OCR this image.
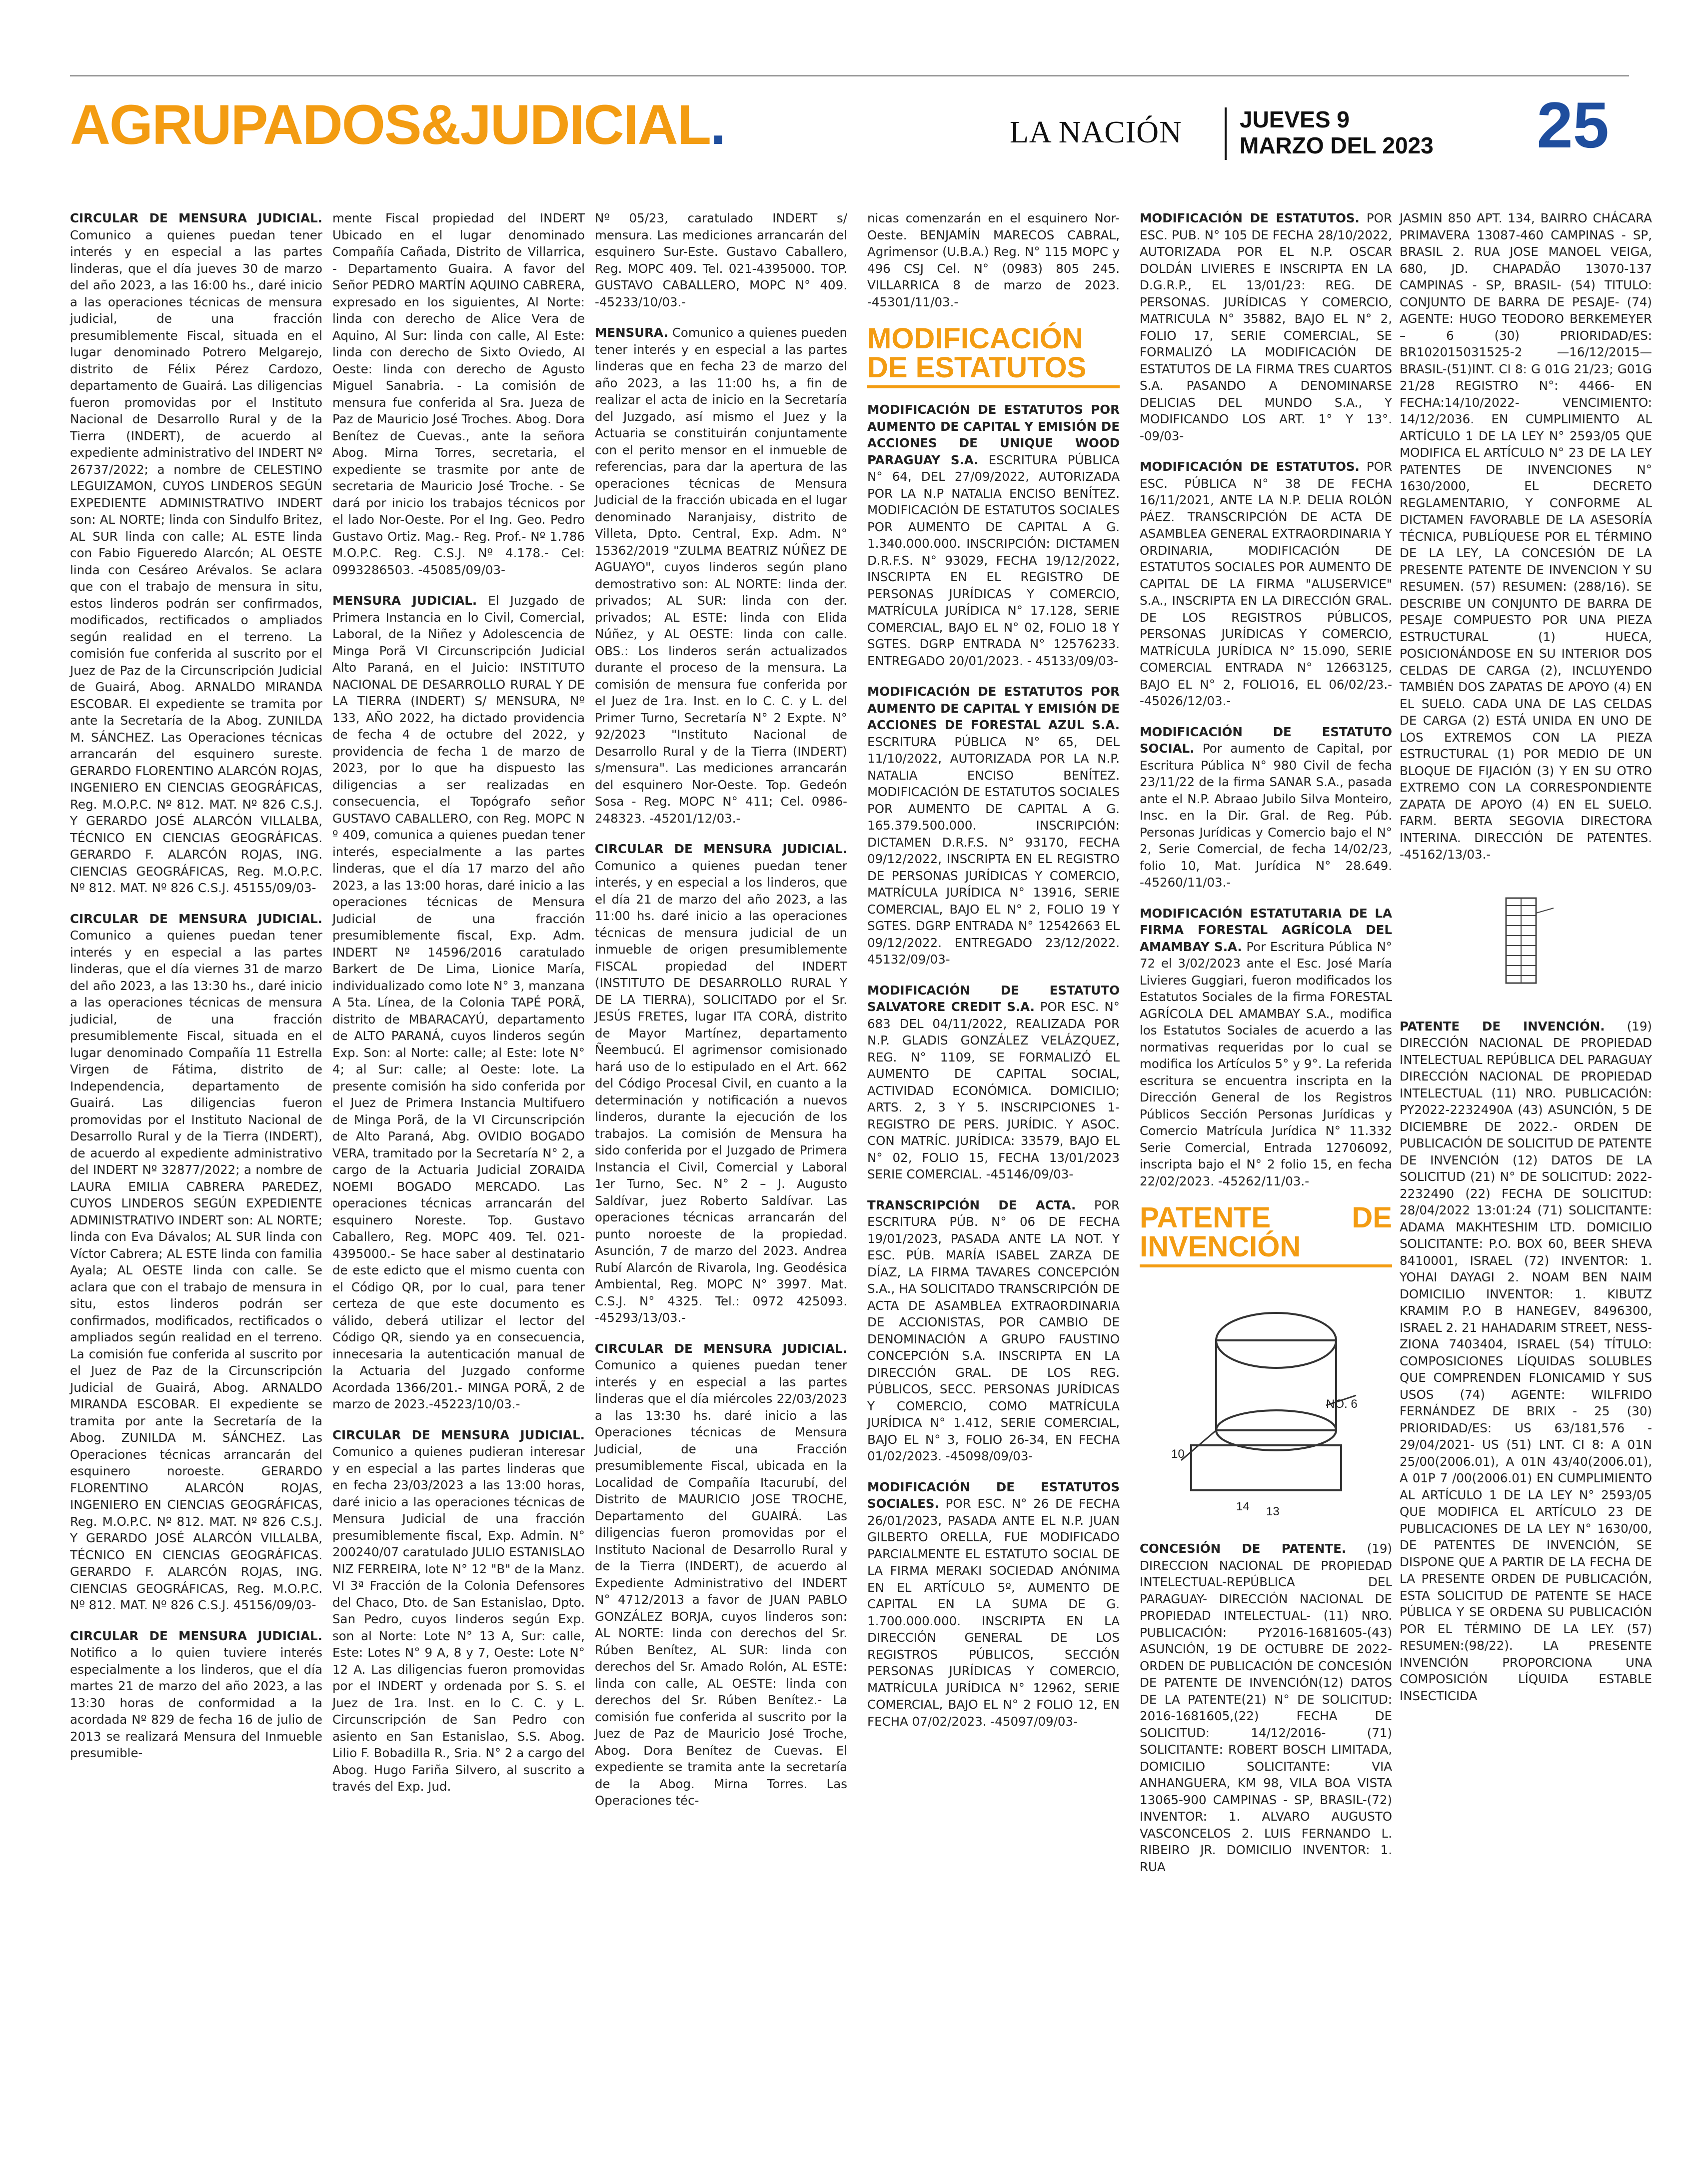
AGRUPADOS&JUDICIAL.	LA NACIÓN	JUEVES 9
MARZO DEL 2023 25

CIRCULAR DE MENSURA JUDICIAL. Comunico a quienes puedan tener interés y en especial a las partes linderas, que el día jueves 30 de marzo del año 2023, a las 16:00 hs., daré inicio a las operaciones técnicas de mensura judicial, de una fracción presumiblemente Fiscal, situada en el lugar denominado Potrero Melgarejo, distrito de Félix Pérez Cardozo, departamento de Guairá. Las diligencias fueron promovidas por el Instituto Nacional de Desarrollo Rural y de la Tierra (INDERT), de acuerdo al expediente administrativo del INDERT Nº 26737/2022; a nombre de CELESTINO LEGUIZAMON, CUYOS LINDEROS SEGÚN EXPEDIENTE ADMINISTRATIVO INDERT son: AL NORTE; linda con Sindulfo Britez, AL SUR linda con calle; AL ESTE linda con Fabio Figueredo Alarcón; AL OESTE linda con Cesáreo Arévalos. Se aclara que con el trabajo de mensura in situ, estos linderos podrán ser confirmados, modificados, rectificados o ampliados según realidad en el terreno. La comisión fue conferida al suscrito por el Juez de Paz de la Circunscripción Judicial de Guairá, Abog. ARNALDO MIRANDA ESCOBAR. El expediente se tramita por ante la Secretaría de la Abog. ZUNILDA M. SÁNCHEZ. Las Operaciones técnicas arrancarán del esquinero sureste. GERARDO FLORENTINO ALARCÓN ROJAS, INGENIERO EN CIENCIAS GEOGRÁFICAS, Reg. M.O.P.C. Nº 812. MAT. Nº 826 C.S.J. Y GERARDO JOSÉ ALARCÓN VILLALBA, TÉCNICO EN CIENCIAS GEOGRÁFICAS. GERARDO F. ALARCÓN ROJAS, ING. CIENCIAS GEOGRÁFICAS, Reg. M.O.P.C. Nº 812. MAT. Nº 826 C.S.J. 45155/09/03-

CIRCULAR DE MENSURA JUDICIAL. Comunico a quienes puedan tener interés y en especial a las partes linderas, que el día viernes 31 de marzo del año 2023, a las 13:30 hs., daré inicio a las operaciones técnicas de mensura judicial, de una fracción presumiblemente Fiscal, situada en el lugar denominado Compañía 11 Estrella Virgen de Fátima, distrito de Independencia, departamento de Guairá. Las diligencias fueron promovidas por el Instituto Nacional de Desarrollo Rural y de la Tierra (INDERT), de acuerdo al expediente administrativo del INDERT Nº 32877/2022; a nombre de LAURA EMILIA CABRERA PAREDEZ, CUYOS LINDEROS SEGÚN EXPEDIENTE ADMINISTRATIVO INDERT son: AL NORTE; linda con Eva Dávalos; AL SUR linda con Víctor Cabrera; AL ESTE linda con familia Ayala; AL OESTE linda con calle. Se aclara que con el trabajo de mensura in situ, estos linderos podrán ser confirmados, modificados, rectificados o ampliados según realidad en el terreno. La comisión fue conferida al suscrito por el Juez de Paz de la Circunscripción Judicial de Guairá, Abog. ARNALDO MIRANDA ESCOBAR. El expediente se tramita por ante la Secretaría de la Abog. ZUNILDA M. SÁNCHEZ. Las Operaciones técnicas arrancarán del esquinero noroeste. GERARDO FLORENTINO ALARCÓN ROJAS, INGENIERO EN CIENCIAS GEOGRÁFICAS, Reg. M.O.P.C. Nº 812. MAT. Nº 826 C.S.J. Y GERARDO JOSÉ ALARCÓN VILLALBA, TÉCNICO EN CIENCIAS GEOGRÁFICAS. GERARDO F. ALARCÓN ROJAS, ING. CIENCIAS GEOGRÁFICAS, Reg. M.O.P.C. Nº 812. MAT. Nº 826 C.S.J. 45156/09/03-

CIRCULAR DE MENSURA JUDICIAL. Notifico a lo quien tuviere interés especialmente a los linderos, que el día martes 21 de marzo del año 2023, a las 13:30 horas de conformidad a la acordada Nº 829 de fecha 16 de julio de 2013 se realizará Mensura del Inmueble presumible-

mente Fiscal propiedad del INDERT Ubicado en el lugar denominado Compañía Cañada, Distrito de Villarrica, - Departamento Guaira. A favor del Señor PEDRO MARTÍN AQUINO CABRERA, expresado en los siguientes, Al Norte: linda con derecho de Alice Vera de Aquino, Al Sur: linda con calle, Al Este: linda con derecho de Sixto Oviedo, Al Oeste: linda con derecho de Agusto Miguel Sanabria. - La comisión de mensura fue conferida al Sra. Jueza de Paz de Mauricio José Troches. Abog. Dora Benítez de Cuevas., ante la señora Abog. Mirna Torres, secretaria, el expediente se trasmite por ante de secretaria de Mauricio José Troche. - Se dará por inicio los trabajos técnicos por el lado Nor-Oeste. Por el Ing. Geo. Pedro Gustavo Ortiz. Mag.- Reg. Prof.- Nº 1.786 M.O.P.C. Reg. C.S.J. Nº 4.178.- Cel: 0993286503. -45085/09/03-

MENSURA JUDICIAL. El Juzgado de Primera Instancia en lo Civil, Comercial, Laboral, de la Niñez y Adolescencia de Minga Porã VI Circunscripción Judicial Alto Paraná, en el Juicio: INSTITUTO NACIONAL DE DESARROLLO RURAL Y DE LA TIERRA (INDERT) S/ MENSURA, Nº 133, AÑO 2022, ha dictado providencia de fecha 4 de octubre del 2022, y providencia de fecha 1 de marzo de 2023, por lo que ha dispuesto las diligencias a ser realizadas en consecuencia, el Topógrafo señor GUSTAVO CABALLERO, con Reg. MOPC N º 409, comunica a quienes puedan tener interés, especialmente a las partes linderas, que el día 17 marzo del año 2023, a las 13:00 horas, daré inicio a las operaciones técnicas de Mensura Judicial de una fracción presumiblemente fiscal, Exp. Adm. INDERT Nº 14596/2016 caratulado Barkert de De Lima, Lionice María, individualizado como lote N° 3, manzana A 5ta. Línea, de la Colonia TAPÉ PORÃ, distrito de MBARACAYÚ, departamento de ALTO PARANÁ, cuyos linderos según Exp. Son: al Norte: calle; al Este: lote N° 4; al Sur: calle; al Oeste: lote. La presente comisión ha sido conferida por el Juez de Primera Instancia Multifuero de Minga Porã, de la VI Circunscripción de Alto Paraná, Abg. OVIDIO BOGADO VERA, tramitado por la Secretaría N° 2, a cargo de la Actuaria Judicial ZORAIDA NOEMI BOGADO MERCADO. Las operaciones técnicas arrancarán del esquinero Noreste. Top. Gustavo Caballero, Reg. MOPC 409. Tel. 021-4395000.- Se hace saber al destinatario de este edicto que el mismo cuenta con el Código QR, por lo cual, para tener certeza de que este documento es válido, deberá utilizar el lector del Código QR, siendo ya en consecuencia, innecesaria la autenticación manual de la Actuaria del Juzgado conforme Acordada 1366/201.- MINGA PORÃ, 2 de marzo de 2023.-45223/10/03.-

CIRCULAR DE MENSURA JUDICIAL. Comunico a quienes pudieran interesar y en especial a las partes linderas que en fecha 23/03/2023 a las 13:00 horas, daré inicio a las operaciones técnicas de Mensura Judicial de una fracción presumiblemente fiscal, Exp. Admin. N° 200240/07 caratulado JULIO ESTANISLAO NIZ FERREIRA, lote N° 12 "B" de la Manz. VI 3ª Fracción de la Colonia Defensores del Chaco, Dto. de San Estanislao, Dpto. San Pedro, cuyos linderos según Exp. son al Norte: Lote N° 13 A, Sur: calle, Este: Lotes N° 9 A, 8 y 7, Oeste: Lote N° 12 A. Las diligencias fueron promovidas por el INDERT y ordenada por S. S. el Juez de 1ra. Inst. en lo C. C. y L. Circunscripción de San Pedro con asiento en San Estanislao, S.S. Abog. Lilio F. Bobadilla R., Sria. N° 2 a cargo del Abog. Hugo Fariña Silvero, al suscrito a través del Exp. Jud.

Nº 05/23, caratulado INDERT s/ mensura. Las mediciones arrancarán del esquinero Sur-Este. Gustavo Caballero, Reg. MOPC 409. Tel. 021-4395000. TOP. GUSTAVO CABALLERO, MOPC N° 409. -45233/10/03.-

MENSURA. Comunico a quienes pueden tener interés y en especial a las partes linderas que en fecha 23 de marzo del año 2023, a las 11:00 hs, a fin de realizar el acta de inicio en la Secretaría del Juzgado, así mismo el Juez y la Actuaria se constituirán conjuntamente con el perito mensor en el inmueble de referencias, para dar la apertura de las operaciones técnicas de Mensura Judicial de la fracción ubicada en el lugar denominado Naranjaisy, distrito de Villeta, Dpto. Central, Exp. Adm. N° 15362/2019 "ZULMA BEATRIZ NÚÑEZ DE AGUAYO", cuyos linderos según plano demostrativo son: AL NORTE: linda der. privados; AL SUR: linda con der. privados; AL ESTE: linda con Elida Núñez, y AL OESTE: linda con calle. OBS.: Los linderos serán actualizados durante el proceso de la mensura. La comisión de mensura fue conferida por el Juez de 1ra. Inst. en lo C. C. y L. del Primer Turno, Secretaría N° 2 Expte. N° 92/2023 "Instituto Nacional de Desarrollo Rural y de la Tierra (INDERT) s/mensura". Las mediciones arrancarán del esquinero Nor-Oeste. Top. Gedeón Sosa - Reg. MOPC N° 411; Cel. 0986-248323. -45201/12/03.-

CIRCULAR DE MENSURA JUDICIAL. Comunico a quienes puedan tener interés, y en especial a los linderos, que el día 21 de marzo del año 2023, a las 11:00 hs. daré inicio a las operaciones técnicas de mensura judicial de un inmueble de origen presumiblemente FISCAL propiedad del INDERT (INSTITUTO DE DESARROLLO RURAL Y DE LA TIERRA), SOLICITADO por el Sr. JESÚS FRETES, lugar ITA CORÁ, distrito de Mayor Martínez, departamento Ñeembucú. El agrimensor comisionado hará uso de lo estipulado en el Art. 662 del Código Procesal Civil, en cuanto a la determinación y notificación a nuevos linderos, durante la ejecución de los trabajos. La comisión de Mensura ha sido conferida por el Juzgado de Primera Instancia el Civil, Comercial y Laboral 1er Turno, Sec. N° 2 – J. Augusto Saldívar, juez Roberto Saldívar. Las operaciones técnicas arrancarán del punto noroeste de la propiedad. Asunción, 7 de marzo del 2023. Andrea Rubí Alarcón de Rivarola, Ing. Geodésica Ambiental, Reg. MOPC N° 3997. Mat. C.S.J. N° 4325. Tel.: 0972 425093. -45293/13/03.-

CIRCULAR DE MENSURA JUDICIAL. Comunico a quienes puedan tener interés y en especial a las partes linderas que el día miércoles 22/03/2023 a las 13:30 hs. daré inicio a las Operaciones técnicas de Mensura Judicial, de una Fracción presumiblemente Fiscal, ubicada en la Localidad de Compañía Itacurubí, del Distrito de MAURICIO JOSE TROCHE, Departamento del GUAIRÁ. Las diligencias fueron promovidas por el Instituto Nacional de Desarrollo Rural y de la Tierra (INDERT), de acuerdo al Expediente Administrativo del INDERT N° 4712/2013 a favor de JUAN PABLO GONZÁLEZ BORJA, cuyos linderos son: AL NORTE: linda con derechos del Sr. Rúben Benítez, AL SUR: linda con derechos del Sr. Amado Rolón, AL ESTE: linda con calle, AL OESTE: linda con derechos del Sr. Rúben Benítez.- La comisión fue conferida al suscrito por la Juez de Paz de Mauricio José Troche, Abog. Dora Benítez de Cuevas. El expediente se tramita ante la secretaría de la Abog. Mirna Torres. Las Operaciones téc-

nicas comenzarán en el esquinero Nor-Oeste. BENJAMÍN MARECOS CABRAL, Agrimensor (U.B.A.) Reg. N° 115 MOPC y 496 CSJ Cel. N° (0983) 805 245. VILLARRICA 8 de marzo de 2023. -45301/11/03.-

MODIFICACIÓN DE ESTATUTOS

MODIFICACIÓN DE ESTATUTOS POR AUMENTO DE CAPITAL Y EMISIÓN DE ACCIONES DE UNIQUE WOOD PARAGUAY S.A. ESCRITURA PÚBLICA N° 64, DEL 27/09/2022, AUTORIZADA POR LA N.P NATALIA ENCISO BENÍTEZ. MODIFICACIÓN DE ESTATUTOS SOCIALES POR AUMENTO DE CAPITAL A G. 1.340.000.000. INSCRIPCIÓN: DICTAMEN D.R.F.S. N° 93029, FECHA 19/12/2022, INSCRIPTA EN EL REGISTRO DE PERSONAS JURÍDICAS Y COMERCIO, MATRÍCULA JURÍDICA N° 17.128, SERIE COMERCIAL, BAJO EL N° 02, FOLIO 18 Y SGTES. DGRP ENTRADA N° 12576233. ENTREGADO 20/01/2023. - 45133/09/03-

MODIFICACIÓN DE ESTATUTOS POR AUMENTO DE CAPITAL Y EMISIÓN DE ACCIONES DE FORESTAL AZUL S.A. ESCRITURA PÚBLICA N° 65, DEL 11/10/2022, AUTORIZADA POR LA N.P. NATALIA ENCISO BENÍTEZ. MODIFICACIÓN DE ESTATUTOS SOCIALES POR AUMENTO DE CAPITAL A G. 165.379.500.000. INSCRIPCIÓN: DICTAMEN D.R.F.S. N° 93170, FECHA 09/12/2022, INSCRIPTA EN EL REGISTRO DE PERSONAS JURÍDICAS Y COMERCIO, MATRÍCULA JURÍDICA N° 13916, SERIE COMERCIAL, BAJO EL N° 2, FOLIO 19 Y SGTES. DGRP ENTRADA N° 12542663 EL 09/12/2022. ENTREGADO 23/12/2022. 45132/09/03-

MODIFICACIÓN DE ESTATUTO SALVATORE CREDIT S.A. POR ESC. N° 683 DEL 04/11/2022, REALIZADA POR N.P. GLADIS GONZÁLEZ VELÁZQUEZ, REG. N° 1109, SE FORMALIZÓ EL AUMENTO DE CAPITAL SOCIAL, ACTIVIDAD ECONÓMICA. DOMICILIO; ARTS. 2, 3 Y 5. INSCRIPCIONES 1- REGISTRO DE PERS. JURÍDIC. Y ASOC. CON MATRÍC. JURÍDICA: 33579, BAJO EL N° 02, FOLIO 15, FECHA 13/01/2023 SERIE COMERCIAL. -45146/09/03-

TRANSCRIPCIÓN DE ACTA. POR ESCRITURA PÚB. N° 06 DE FECHA 19/01/2023, PASADA ANTE LA NOT. Y ESC. PÚB. MARÍA ISABEL ZARZA DE DÍAZ, LA FIRMA TAVARES CONCEPCIÓN S.A., HA SOLICITADO TRANSCRIPCIÓN DE ACTA DE ASAMBLEA EXTRAORDINARIA DE ACCIONISTAS, POR CAMBIO DE DENOMINACIÓN A GRUPO FAUSTINO CONCEPCIÓN S.A. INSCRIPTA EN LA DIRECCIÓN GRAL. DE LOS REG. PÚBLICOS, SECC. PERSONAS JURÍDICAS Y COMERCIO, COMO MATRÍCULA JURÍDICA N° 1.412, SERIE COMERCIAL, BAJO EL N° 3, FOLIO 26-34, EN FECHA 01/02/2023. -45098/09/03-

MODIFICACIÓN DE ESTATUTOS SOCIALES. POR ESC. N° 26 DE FECHA 26/01/2023, PASADA ANTE EL N.P. JUAN GILBERTO ORELLA, FUE MODIFICADO PARCIALMENTE EL ESTATUTO SOCIAL DE LA FIRMA MERAKI SOCIEDAD ANÓNIMA EN EL ARTÍCULO 5º, AUMENTO DE CAPITAL EN LA SUMA DE G. 1.700.000.000. INSCRIPTA EN LA DIRECCIÓN GENERAL DE LOS REGISTROS PÚBLICOS, SECCIÓN PERSONAS JURÍDICAS Y COMERCIO, MATRÍCULA JURÍDICA N° 12962, SERIE COMERCIAL, BAJO EL N° 2 FOLIO 12, EN FECHA 07/02/2023. -45097/09/03-

MODIFICACIÓN DE ESTATUTOS. POR ESC. PUB. N° 105 DE FECHA 28/10/2022, AUTORIZADA POR EL N.P. OSCAR DOLDÁN LIVIERES E INSCRIPTA EN LA D.G.R.P., EL 13/01/23: REG. DE PERSONAS. JURÍDICAS Y COMERCIO, MATRICULA N° 35882, BAJO EL N° 2, FOLIO 17, SERIE COMERCIAL, SE FORMALIZÓ LA MODIFICACIÓN DE ESTATUTOS DE LA FIRMA TRES CUARTOS S.A. PASANDO A DENOMINARSE DELICIAS DEL MUNDO S.A., Y MODIFICANDO LOS ART. 1° Y 13°. -09/03-

MODIFICACIÓN DE ESTATUTOS. POR ESC. PÚBLICA N° 38 DE FECHA 16/11/2021, ANTE LA N.P. DELIA ROLÓN PÁEZ. TRANSCRIPCIÓN DE ACTA DE ASAMBLEA GENERAL EXTRAORDINARIA Y ORDINARIA, MODIFICACIÓN DE ESTATUTOS SOCIALES POR AUMENTO DE CAPITAL DE LA FIRMA "ALUSERVICE" S.A., INSCRIPTA EN LA DIRECCIÓN GRAL. DE LOS REGISTROS PÚBLICOS, PERSONAS JURÍDICAS Y COMERCIO, MATRÍCULA JURÍDICA N° 15.090, SERIE COMERCIAL ENTRADA N° 12663125, BAJO EL N° 2, FOLIO16, EL 06/02/23.- -45026/12/03.-

MODIFICACIÓN DE ESTATUTO SOCIAL. Por aumento de Capital, por Escritura Pública N° 980 Civil de fecha 23/11/22 de la firma SANAR S.A., pasada ante el N.P. Abraao Jubilo Silva Monteiro, Insc. en la Dir. Gral. de Reg. Púb. Personas Jurídicas y Comercio bajo el N° 2, Serie Comercial, de fecha 14/02/23, folio 10, Mat. Jurídica N° 28.649. -45260/11/03.-

MODIFICACIÓN ESTATUTARIA DE LA FIRMA FORESTAL AGRÍCOLA DEL AMAMBAY S.A. Por Escritura Pública N° 72 el 3/02/2023 ante el Esc. José María Livieres Guggiari, fueron modificados los Estatutos Sociales de la firma FORESTAL AGRÍCOLA DEL AMAMBAY S.A., modifica los Estatutos Sociales de acuerdo a las normativas requeridas por lo cual se modifica los Artículos 5° y 9°. La referida escritura se encuentra inscripta en la Dirección General de los Registros Públicos Sección Personas Jurídicas y Comercio Matrícula Jurídica N° 11.332 Serie Comercial, Entrada 12706092, inscripta bajo el N° 2 folio 15, en fecha 22/02/2023. -45262/11/03.-

PATENTE DE INVENCIÓN
NO. 6
10
14 13

CONCESIÓN DE PATENTE. (19) DIRECCION NACIONAL DE PROPIEDAD INTELECTUAL-REPÚBLICA DEL PARAGUAY- DIRECCIÓN NACIONAL DE PROPIEDAD INTELECTUAL- (11) NRO. PUBLICACIÓN: PY2016-1681605-(43) ASUNCIÓN, 19 DE OCTUBRE DE 2022- ORDEN DE PUBLICACIÓN DE CONCESIÓN DE PATENTE DE INVENCIÓN(12) DATOS DE LA PATENTE(21) N° DE SOLICITUD: 2016-1681605,(22) FECHA DE SOLICITUD: 14/12/2016- (71) SOLICITANTE: ROBERT BOSCH LIMITADA, DOMICILIO SOLICITANTE: VIA ANHANGUERA, KM 98, VILA BOA VISTA 13065-900 CAMPINAS - SP, BRASIL-(72) INVENTOR: 1. ALVARO AUGUSTO VASCONCELOS 2. LUIS FERNANDO L. RIBEIRO JR. DOMICILIO INVENTOR: 1. RUA

JASMIN 850 APT. 134, BAIRRO CHÁCARA PRIMAVERA 13087-460 CAMPINAS - SP, BRASIL 2. RUA JOSE MANOEL VEIGA, 680, JD. CHAPADÃO 13070-137 CAMPINAS - SP, BRASIL- (54) TITULO: CONJUNTO DE BARRA DE PESAJE- (74) AGENTE: HUGO TEODORO BERKEMEYER – 6 (30) PRIORIDAD/ES: BR102015031525-2 —16/12/2015— BRASIL-(51)INT. CI 8: G 01G 21/23; G01G 21/28 REGISTRO N°: 4466- EN FECHA:14/10/2022- VENCIMIENTO: 14/12/2036. EN CUMPLIMIENTO AL ARTÍCULO 1 DE LA LEY N° 2593/05 QUE MODIFICA EL ARTÍCULO N° 23 DE LA LEY PATENTES DE INVENCIONES N° 1630/2000, EL DECRETO REGLAMENTARIO, Y CONFORME AL DICTAMEN FAVORABLE DE LA ASESORÍA TÉCNICA, PUBLÍQUESE POR EL TÉRMINO DE LA LEY, LA CONCESIÓN DE LA PRESENTE PATENTE DE INVENCION Y SU RESUMEN. (57) RESUMEN: (288/16). SE DESCRIBE UN CONJUNTO DE BARRA DE PESAJE COMPUESTO POR UNA PIEZA ESTRUCTURAL (1) HUECA, POSICIONÁNDOSE EN SU INTERIOR DOS CELDAS DE CARGA (2), INCLUYENDO TAMBIÉN DOS ZAPATAS DE APOYO (4) EN EL SUELO. CADA UNA DE LAS CELDAS DE CARGA (2) ESTÁ UNIDA EN UNO DE LOS EXTREMOS CON LA PIEZA ESTRUCTURAL (1) POR MEDIO DE UN BLOQUE DE FIJACIÓN (3) Y EN SU OTRO EXTREMO CON LA CORRESPONDIENTE ZAPATA DE APOYO (4) EN EL SUELO. FARM. BERTA SEGOVIA DIRECTORA INTERINA. DIRECCIÓN DE PATENTES. -45162/13/03.-

PATENTE DE INVENCIÓN. (19) DIRECCIÓN NACIONAL DE PROPIEDAD INTELECTUAL REPÚBLICA DEL PARAGUAY DIRECCIÓN NACIONAL DE PROPIEDAD INTELECTUAL (11) NRO. PUBLICACIÓN: PY2022-2232490A (43) ASUNCIÓN, 5 DE DICIEMBRE DE 2022.- ORDEN DE PUBLICACIÓN DE SOLICITUD DE PATENTE DE INVENCIÓN (12) DATOS DE LA SOLICITUD (21) N° DE SOLICITUD: 2022-2232490 (22) FECHA DE SOLICITUD: 28/04/2022 13:01:24 (71) SOLICITANTE: ADAMA MAKHTESHIM LTD. DOMICILIO SOLICITANTE: P.O. BOX 60, BEER SHEVA 8410001, ISRAEL (72) INVENTOR: 1. YOHAI DAYAGI 2. NOAM BEN NAIM DOMICILIO INVENTOR: 1. KIBUTZ KRAMIM P.O B HANEGEV, 8496300, ISRAEL 2. 21 HAHADARIM STREET, NESS-ZIONA 7403404, ISRAEL (54) TÍTULO: COMPOSICIONES LÍQUIDAS SOLUBLES QUE COMPRENDEN FLONICAMID Y SUS USOS (74) AGENTE: WILFRIDO FERNÁNDEZ DE BRIX - 25 (30) PRIORIDAD/ES: US 63/181,576 - 29/04/2021- US (51) LNT. CI 8: A 01N 25/00(2006.01), A 01N 43/40(2006.01), A 01P 7 /00(2006.01) EN CUMPLIMIENTO AL ARTÍCULO 1 DE LA LEY N° 2593/05 QUE MODIFICA EL ARTÍCULO 23 DE PUBLICACIONES DE LA LEY N° 1630/00, DE PATENTES DE INVENCIÓN, SE DISPONE QUE A PARTIR DE LA FECHA DE LA PRESENTE ORDEN DE PUBLICACIÓN, ESTA SOLICITUD DE PATENTE SE HACE PÚBLICA Y SE ORDENA SU PUBLICACIÓN POR EL TÉRMINO DE LA LEY. (57) RESUMEN:(98/22). LA PRESENTE INVENCIÓN PROPORCIONA UNA COMPOSICIÓN LÍQUIDA ESTABLE INSECTICIDA
